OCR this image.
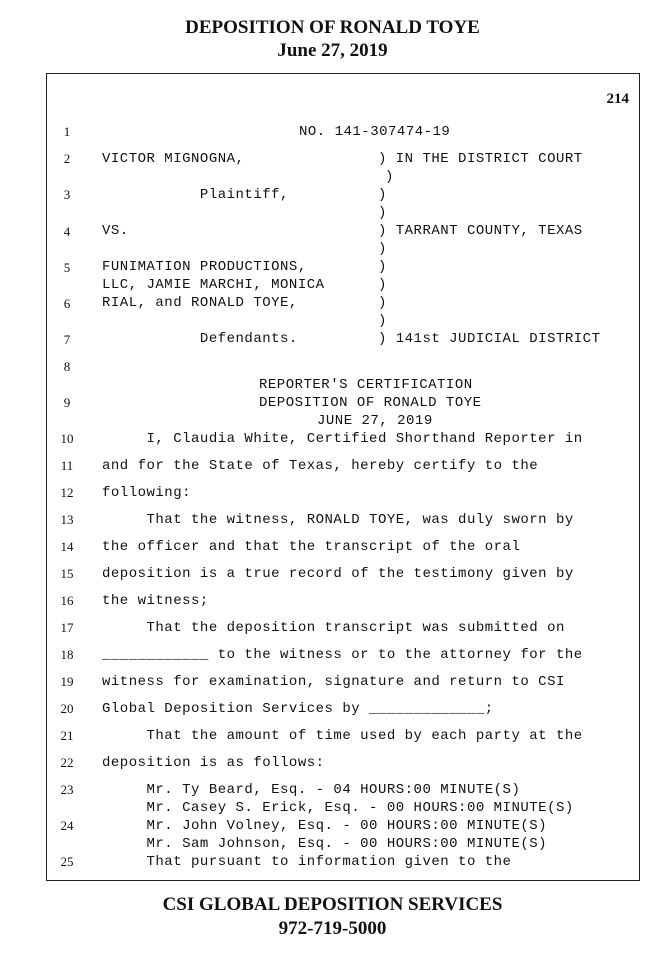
DEPOSITION OF RONALD TOYE
June 27, 2019
214
1
2
3
4
5
6
7
8
9
10
11
12
13
14
15
16
17
18
19
20
21
22
23
24
25
NO. 141-307474-19
VICTOR MIGNOGNA,               ) IN THE DISTRICT COURT
)
Plaintiff,          )
)
VS.                            ) TARRANT COUNTY, TEXAS
)
FUNIMATION PRODUCTIONS,        )
LLC, JAMIE MARCHI, MONICA      )
RIAL, and RONALD TOYE,         )
)
Defendants.         ) 141st JUDICIAL DISTRICT
REPORTER'S CERTIFICATION
DEPOSITION OF RONALD TOYE
JUNE 27, 2019
I, Claudia White, Certified Shorthand Reporter in
and for the State of Texas, hereby certify to the
following:
That the witness, RONALD TOYE, was duly sworn by
the officer and that the transcript of the oral
deposition is a true record of the testimony given by
the witness;
That the deposition transcript was submitted on
____________ to the witness or to the attorney for the
witness for examination, signature and return to CSI
Global Deposition Services by _____________;
That the amount of time used by each party at the
deposition is as follows:
Mr. Ty Beard, Esq. - 04 HOURS:00 MINUTE(S)
Mr. Casey S. Erick, Esq. - 00 HOURS:00 MINUTE(S)
Mr. John Volney, Esq. - 00 HOURS:00 MINUTE(S)
Mr. Sam Johnson, Esq. - 00 HOURS:00 MINUTE(S)
That pursuant to information given to the
CSI GLOBAL DEPOSITION SERVICES
972-719-5000
